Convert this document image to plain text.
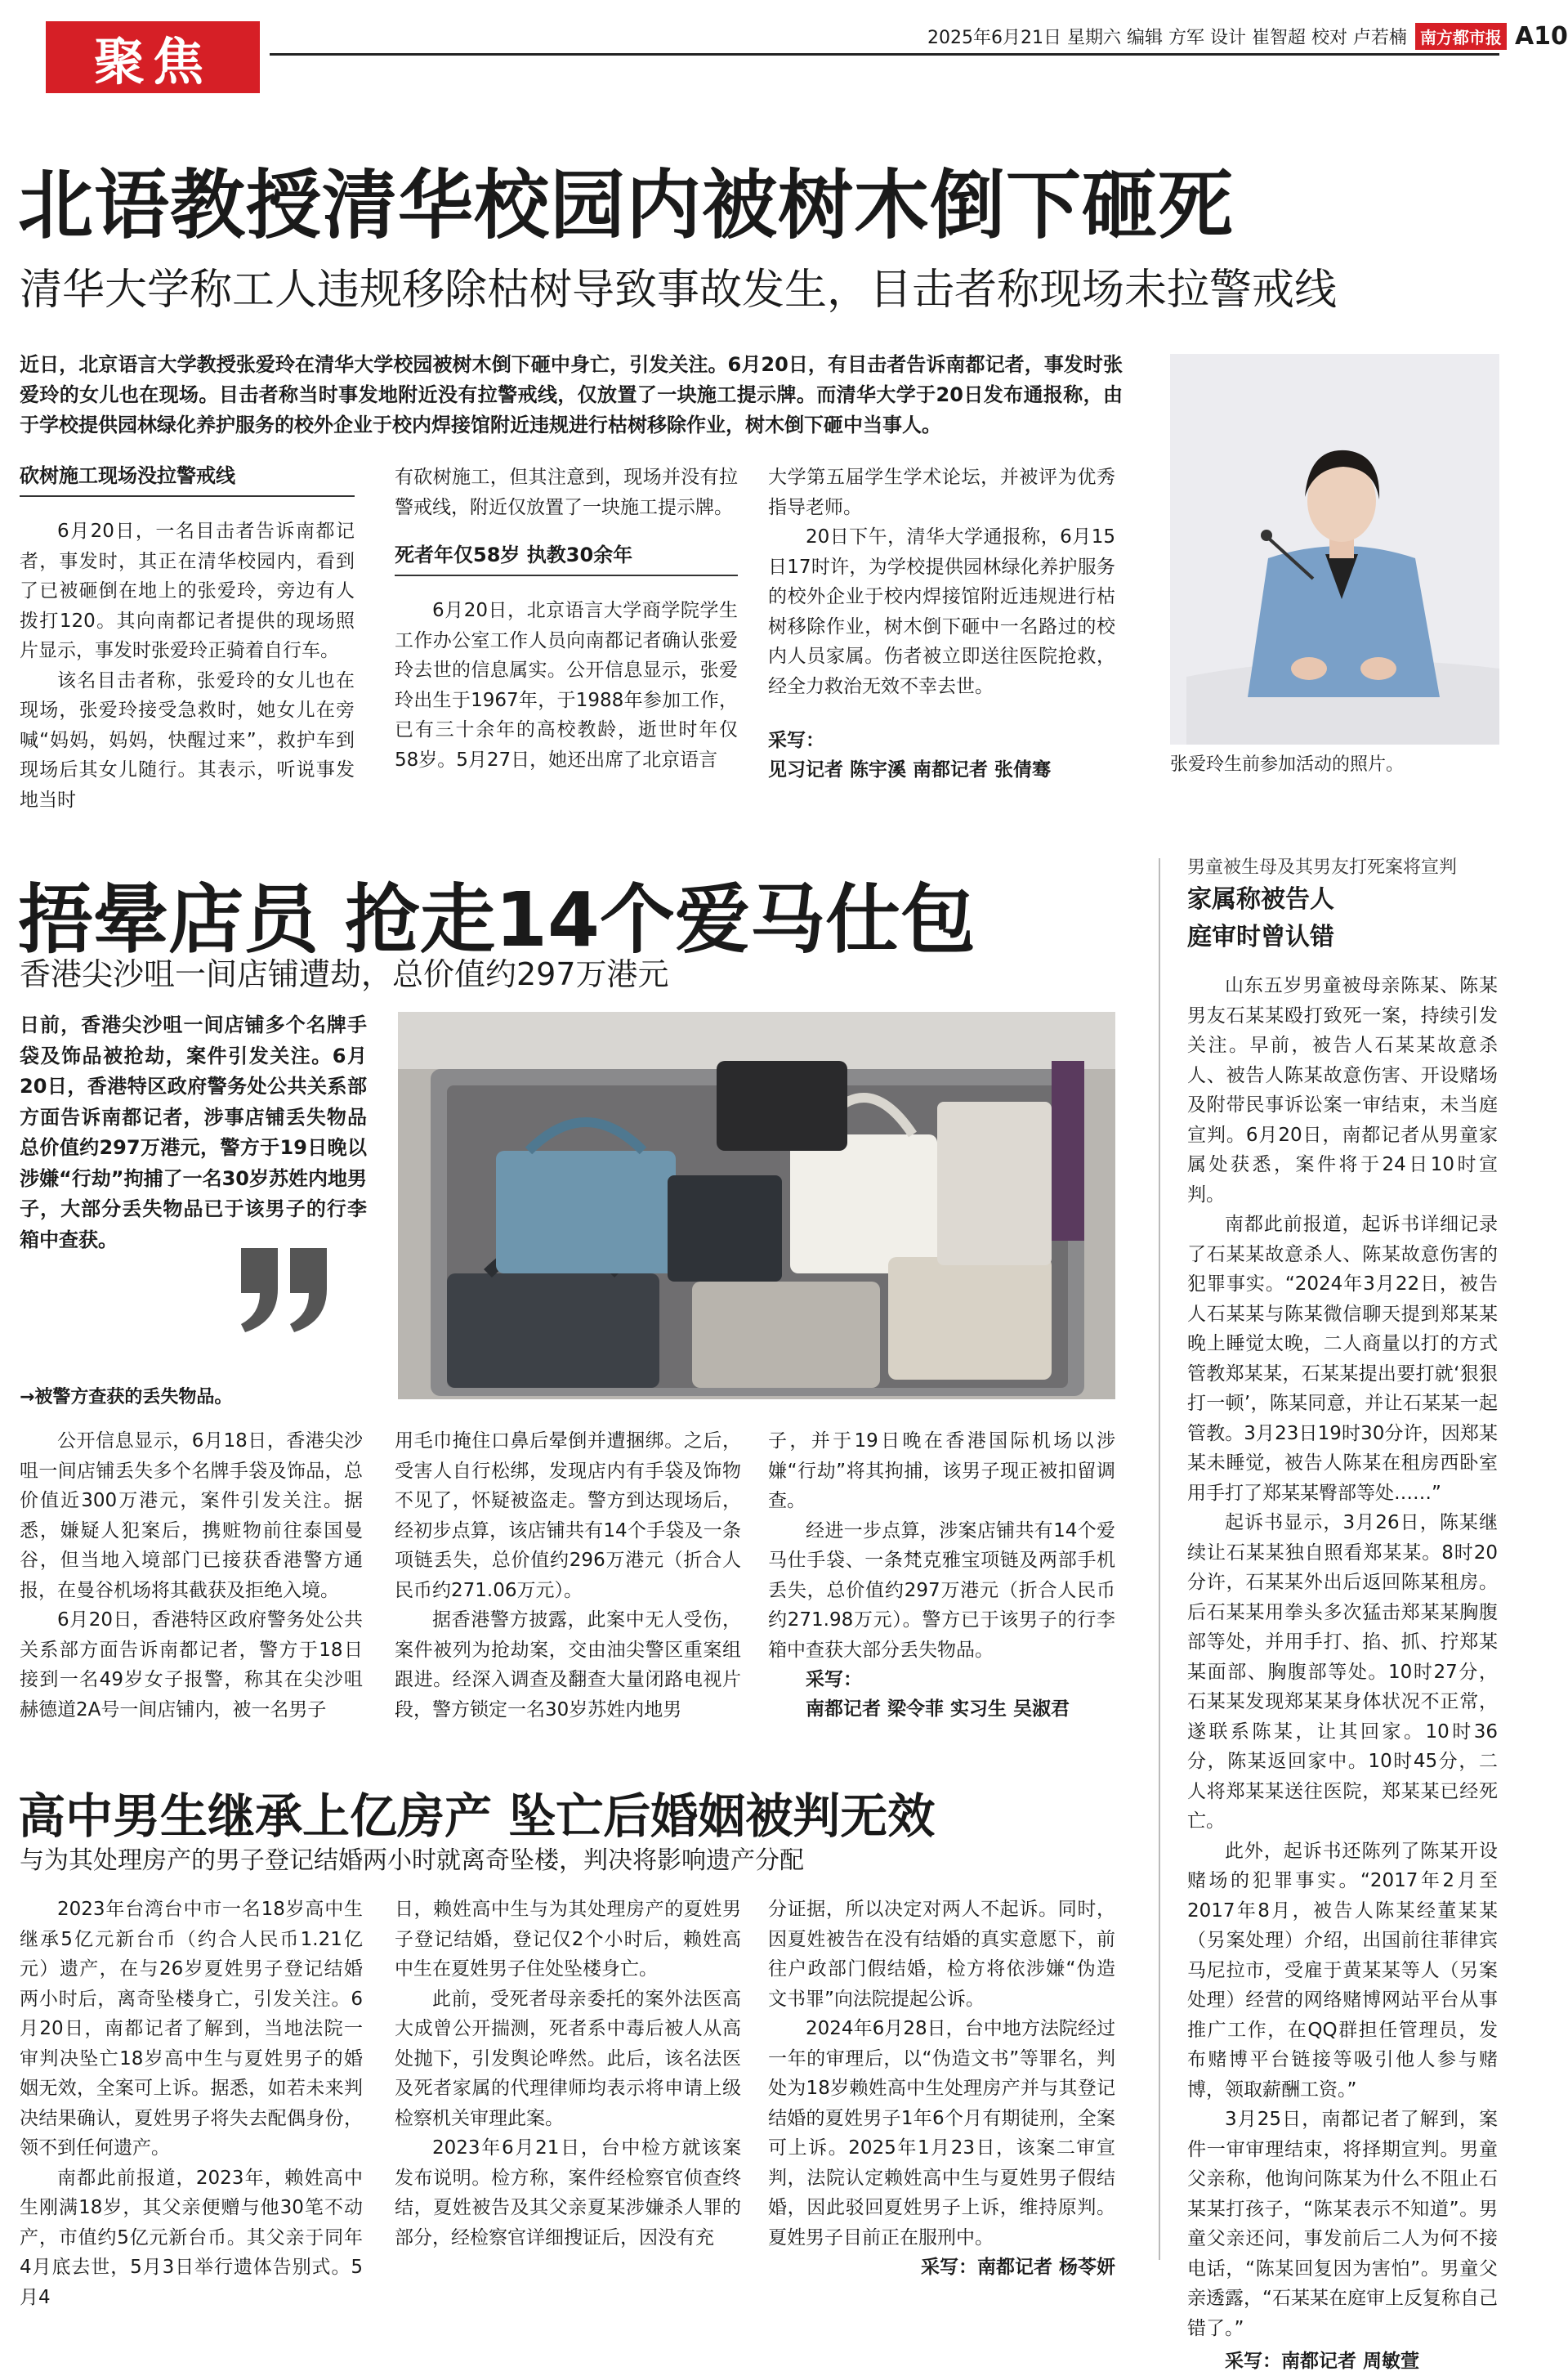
聚焦	2025年6月21日 星期六 编辑 方军 设计 崔智超 校对 卢若楠 南方都市报 A10
北语教授清华校园内被树木倒下砸死
清华大学称工人违规移除枯树导致事故发生，目击者称现场未拉警戒线
近日，北京语言大学教授张爱玲在清华大学校园被树木倒下砸中身亡，引发关注。6月20日，有目击者告诉南都记者，事发时张爱玲的女儿也在现场。目击者称当时事发地附近没有拉警戒线，仅放置了一块施工提示牌。而清华大学于20日发布通报称，由于学校提供园林绿化养护服务的校外企业于校内焊接馆附近违规进行枯树移除作业，树木倒下砸中当事人。
砍树施工现场没拉警戒线

6月20日，一名目击者告诉南都记者，事发时，其正在清华校园内，看到了已被砸倒在地上的张爱玲，旁边有人拨打120。其向南都记者提供的现场照片显示，事发时张爱玲正骑着自行车。

该名目击者称，张爱玲的女儿也在现场，张爱玲接受急救时，她女儿在旁喊“妈妈，妈妈，快醒过来”，救护车到现场后其女儿随行。其表示，听说事发地当时

有砍树施工，但其注意到，现场并没有拉警戒线，附近仅放置了一块施工提示牌。

死者年仅58岁 执教30余年

6月20日，北京语言大学商学院学生工作办公室工作人员向南都记者确认张爱玲去世的信息属实。公开信息显示，张爱玲出生于1967年，于1988年参加工作，已有三十余年的高校教龄，逝世时年仅58岁。5月27日，她还出席了北京语言

大学第五届学生学术论坛，并被评为优秀指导老师。

20日下午，清华大学通报称，6月15日17时许，为学校提供园林绿化养护服务的校外企业于校内焊接馆附近违规进行枯树移除作业，树木倒下砸中一名路过的校内人员家属。伤者被立即送往医院抢救，经全力救治无效不幸去世。

采写：
见习记者 陈宇溪 南都记者 张倩骞	张爱玲生前参加活动的照片。
捂晕店员 抢走14个爱马仕包
香港尖沙咀一间店铺遭劫，总价值约297万港元
日前，香港尖沙咀一间店铺多个名牌手袋及饰品被抢劫，案件引发关注。6月20日，香港特区政府警务处公共关系部方面告诉南都记者，涉事店铺丢失物品总价值约297万港元，警方于19日晚以涉嫌“行劫”拘捕了一名30岁苏姓内地男子，大部分丢失物品已于该男子的行李箱中查获。
→被警方查获的丢失物品。

公开信息显示，6月18日，香港尖沙咀一间店铺丢失多个名牌手袋及饰品，总价值近300万港元，案件引发关注。据悉，嫌疑人犯案后，携赃物前往泰国曼谷，但当地入境部门已接获香港警方通报，在曼谷机场将其截获及拒绝入境。

6月20日，香港特区政府警务处公共关系部方面告诉南都记者，警方于18日接到一名49岁女子报警，称其在尖沙咀赫德道2A号一间店铺内，被一名男子

用毛巾掩住口鼻后晕倒并遭捆绑。之后，受害人自行松绑，发现店内有手袋及饰物不见了，怀疑被盗走。警方到达现场后，经初步点算，该店铺共有14个手袋及一条项链丢失，总价值约296万港元（折合人民币约271.06万元）。

据香港警方披露，此案中无人受伤，案件被列为抢劫案，交由油尖警区重案组跟进。经深入调查及翻查大量闭路电视片段，警方锁定一名30岁苏姓内地男

子，并于19日晚在香港国际机场以涉嫌“行劫”将其拘捕，该男子现正被扣留调查。

经进一步点算，涉案店铺共有14个爱马仕手袋、一条梵克雅宝项链及两部手机丢失，总价值约297万港元（折合人民币约271.98万元）。警方已于该男子的行李箱中查获大部分丢失物品。

采写：
南都记者 梁令菲 实习生 吴淑君
男童被生母及其男友打死案将宣判
家属称被告人
庭审时曾认错

山东五岁男童被母亲陈某、陈某男友石某某殴打致死一案，持续引发关注。早前，被告人石某某故意杀人、被告人陈某故意伤害、开设赌场及附带民事诉讼案一审结束，未当庭宣判。6月20日，南都记者从男童家属处获悉，案件将于24日10时宣判。

南都此前报道，起诉书详细记录了石某某故意杀人、陈某故意伤害的犯罪事实。“2024年3月22日，被告人石某某与陈某微信聊天提到郑某某晚上睡觉太晚，二人商量以打的方式管教郑某某，石某某提出要打就‘狠狠打一顿’，陈某同意，并让石某某一起管教。3月23日19时30分许，因郑某某未睡觉，被告人陈某在租房西卧室用手打了郑某某臀部等处……”

起诉书显示，3月26日，陈某继续让石某某独自照看郑某某。8时20分许，石某某外出后返回陈某租房。后石某某用拳头多次猛击郑某某胸腹部等处，并用手打、掐、抓、拧郑某某面部、胸腹部等处。10时27分，石某某发现郑某某身体状况不正常，遂联系陈某，让其回家。10时36分，陈某返回家中。10时45分，二人将郑某某送往医院，郑某某已经死亡。

此外，起诉书还陈列了陈某开设赌场的犯罪事实。“2017年2月至2017年8月，被告人陈某经董某某（另案处理）介绍，出国前往菲律宾马尼拉市，受雇于黄某某等人（另案处理）经营的网络赌博网站平台从事推广工作，在QQ群担任管理员，发布赌博平台链接等吸引他人参与赌博，领取薪酬工资。”

3月25日，南都记者了解到，案件一审审理结束，将择期宣判。男童父亲称，他询问陈某为什么不阻止石某某打孩子，“陈某表示不知道”。男童父亲还问，事发前后二人为何不接电话，“陈某回复因为害怕”。男童父亲透露，“石某某在庭审上反复称自己错了。”

采写：南都记者 周敏萱
高中男生继承上亿房产 坠亡后婚姻被判无效
与为其处理房产的男子登记结婚两小时就离奇坠楼，判决将影响遗产分配

2023年台湾台中市一名18岁高中生继承5亿元新台币（约合人民币1.21亿元）遗产，在与26岁夏姓男子登记结婚两小时后，离奇坠楼身亡，引发关注。6月20日，南都记者了解到，当地法院一审判决坠亡18岁高中生与夏姓男子的婚姻无效，全案可上诉。据悉，如若未来判决结果确认，夏姓男子将失去配偶身份，领不到任何遗产。

南都此前报道，2023年，赖姓高中生刚满18岁，其父亲便赠与他30笔不动产，市值约5亿元新台币。其父亲于同年4月底去世，5月3日举行遗体告别式。5月4

日，赖姓高中生与为其处理房产的夏姓男子登记结婚，登记仅2个小时后，赖姓高中生在夏姓男子住处坠楼身亡。

此前，受死者母亲委托的案外法医高大成曾公开揣测，死者系中毒后被人从高处抛下，引发舆论哗然。此后，该名法医及死者家属的代理律师均表示将申请上级检察机关审理此案。

2023年6月21日，台中检方就该案发布说明。检方称，案件经检察官侦查终结，夏姓被告及其父亲夏某涉嫌杀人罪的部分，经检察官详细搜证后，因没有充

分证据，所以决定对两人不起诉。同时，因夏姓被告在没有结婚的真实意愿下，前往户政部门假结婚，检方将依涉嫌“伪造文书罪”向法院提起公诉。

2024年6月28日，台中地方法院经过一年的审理后，以“伪造文书”等罪名，判处为18岁赖姓高中生处理房产并与其登记结婚的夏姓男子1年6个月有期徒刑，全案可上诉。2025年1月23日，该案二审宣判，法院认定赖姓高中生与夏姓男子假结婚，因此驳回夏姓男子上诉，维持原判。夏姓男子目前正在服刑中。

采写：南都记者 杨苓妍
